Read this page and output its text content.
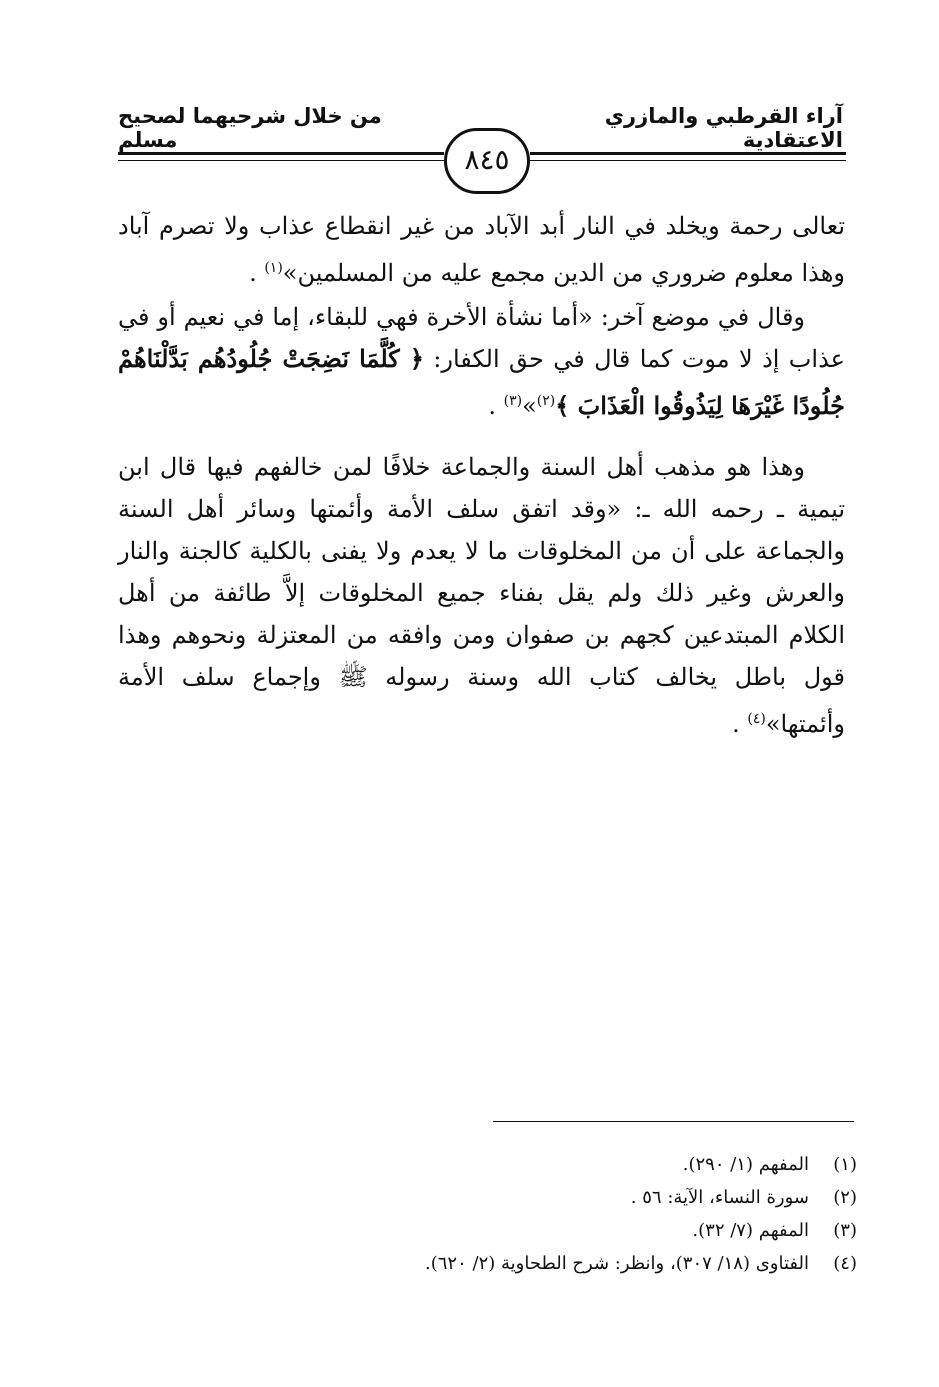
آراء القرطبي والمازري الاعتقادية
من خلال شرحيهما لصحيح مسلم
٨٤٥

تعالى رحمة ويخلد في النار أبد الآباد من غير انقطاع عذاب ولا تصرم آباد وهذا معلوم ضروري من الدين مجمع عليه من المسلمين»$^{(١)}$ .

وقال في موضع آخر: «أما نشأة الأخرة فهي للبقاء، إما في نعيم أو في عذاب إذ لا موت كما قال في حق الكفار: ﴿ كُلَّمَا نَضِجَتْ جُلُودُهُم بَدَّلْنَاهُمْ جُلُودًا غَيْرَهَا لِيَذُوقُوا الْعَذَابَ ﴾$^{(٢)}$»$^{(٣)}$ .

وهذا هو مذهب أهل السنة والجماعة خلافًا لمن خالفهم فيها قال ابن تيمية ـ رحمه الله ـ: «وقد اتفق سلف الأمة وأئمتها وسائر أهل السنة والجماعة على أن من المخلوقات ما لا يعدم ولا يفنى بالكلية كالجنة والنار والعرش وغير ذلك ولم يقل بفناء جميع المخلوقات إلاَّ طائفة من أهل الكلام المبتدعين كجهم بن صفوان ومن وافقه من المعتزلة ونحوهم وهذا قول باطل يخالف كتاب الله وسنة رسوله ﷺ وإجماع سلف الأمة وأئمتها»$^{(٤)}$ .

(١)
المفهم (١/ ٢٩٠).
(٢)
سورة النساء، الآية: ٥٦ .
(٣)
المفهم (٧/ ٣٢).
(٤)
الفتاوى (١٨/ ٣٠٧)، وانظر: شرح الطحاوية (٢/ ٦٢٠).
